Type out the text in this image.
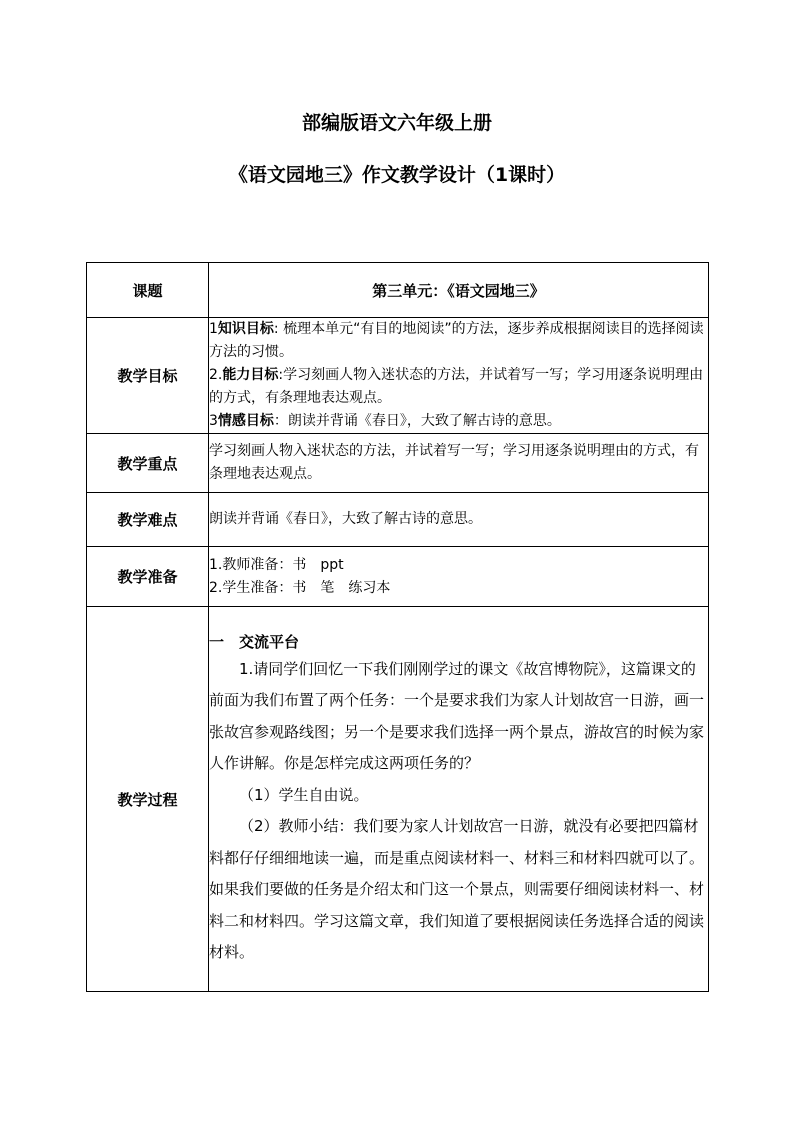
部编版语文六年级上册
《语文园地三》作文教学设计（1课时）
课题	第三单元：《语文园地三》
教学目标	1知识目标: 梳理本单元“有目的地阅读”的方法，逐步养成根据阅读目的选择阅读方法的习惯。
2.能力目标:学习刻画人物入迷状态的方法，并试着写一写；学习用逐条说明理由的方式，有条理地表达观点。
3情感目标：朗读并背诵《春日》，大致了解古诗的意思。

教学重点	学习刻画人物入迷状态的方法，并试着写一写；学习用逐条说明理由的方式，有条理地表达观点。
教学难点	朗读并背诵《春日》，大致了解古诗的意思。
教学准备	1.教师准备：书　ppt
2.学生准备：书　笔　练习本

教学过程	一　交流平台

1.请同学们回忆一下我们刚刚学过的课文《故宫博物院》，这篇课文的前面为我们布置了两个任务：一个是要求我们为家人计划故宫一日游，画一张故宫参观路线图；另一个是要求我们选择一两个景点，游故宫的时候为家人作讲解。你是怎样完成这两项任务的？

（1）学生自由说。

（2）教师小结：我们要为家人计划故宫一日游，就没有必要把四篇材料都仔仔细细地读一遍，而是重点阅读材料一、材料三和材料四就可以了。如果我们要做的任务是介绍太和门这一个景点，则需要仔细阅读材料一、材料二和材料四。学习这篇文章，我们知道了要根据阅读任务选择合适的阅读材料。
